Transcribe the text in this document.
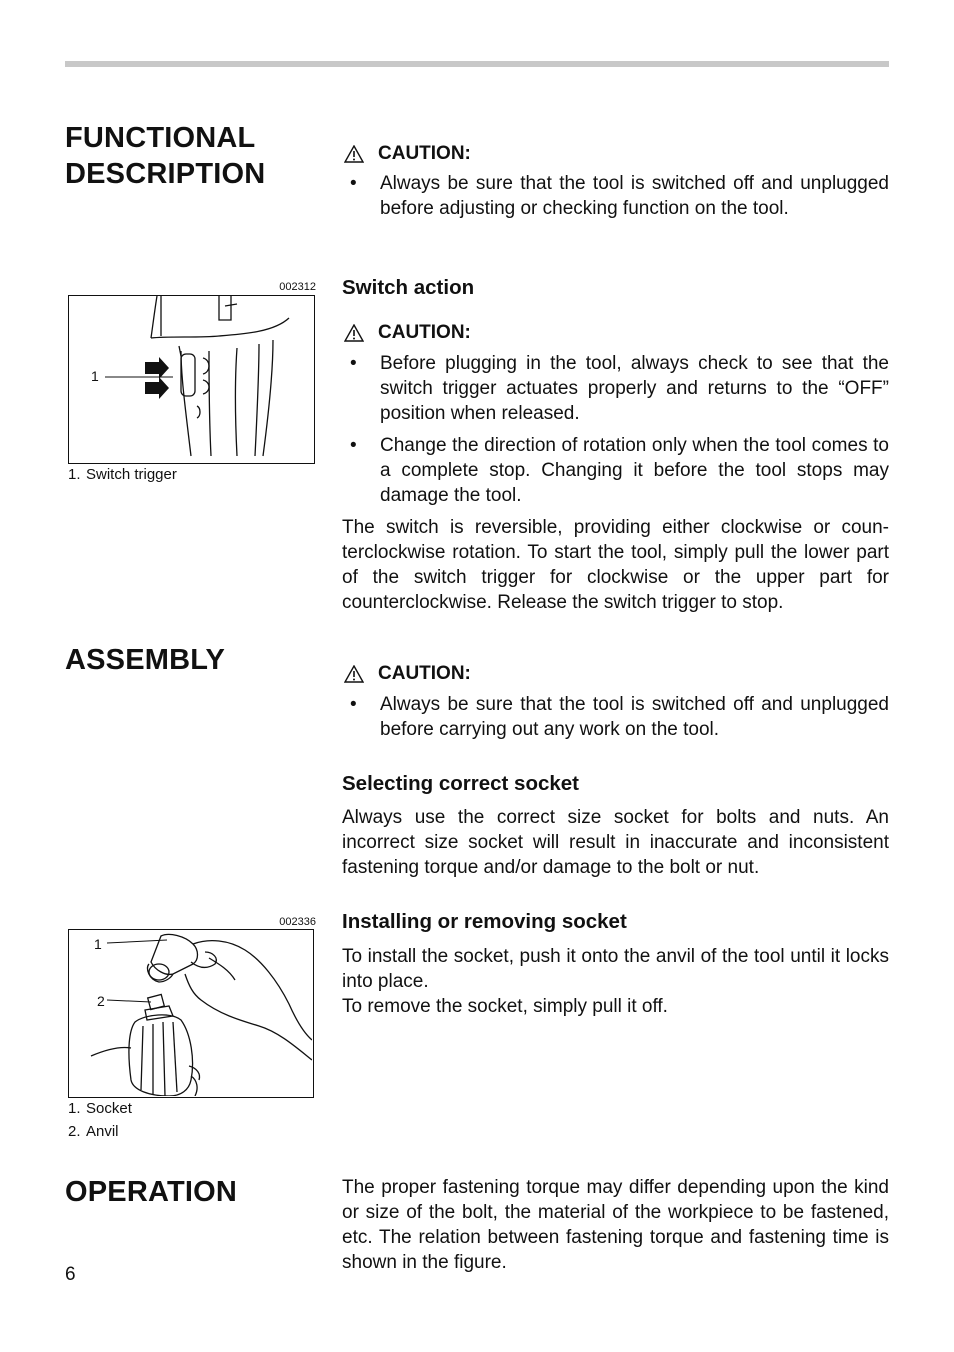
FUNCTIONAL
DESCRIPTION
ASSEMBLY
OPERATION
CAUTION:

• Always be sure that the tool is switched off and unplugged before adjusting or checking function on the tool.

Switch action
CAUTION:

• Before plugging in the tool, always check to see that the switch trigger actuates properly and returns to the “OFF” position when released.

• Change the direction of rotation only when the tool comes to a complete stop. Changing it before the tool stops may damage the tool.

The switch is reversible, providing either clockwise or counterclockwise rotation. To start the tool, simply pull the lower part of the switch trigger for clockwise or the upper part for counterclockwise. Release the switch trigger to stop.

CAUTION:

• Always be sure that the tool is switched off and unplugged before carrying out any work on the tool.

Selecting correct socket

Always use the correct size socket for bolts and nuts. An incorrect size socket will result in inaccurate and inconsistent fastening torque and/or damage to the bolt or nut.

Installing or removing socket

To install the socket, push it onto the anvil of the tool until it locks into place.

To remove the socket, simply pull it off.

The proper fastening torque may differ depending upon the kind or size of the bolt, the material of the workpiece to be fastened, etc. The relation between fastening torque and fastening time is shown in the figure.

002312
1
1. Switch trigger
002336
1
2
1. Socket
2. Anvil
6
